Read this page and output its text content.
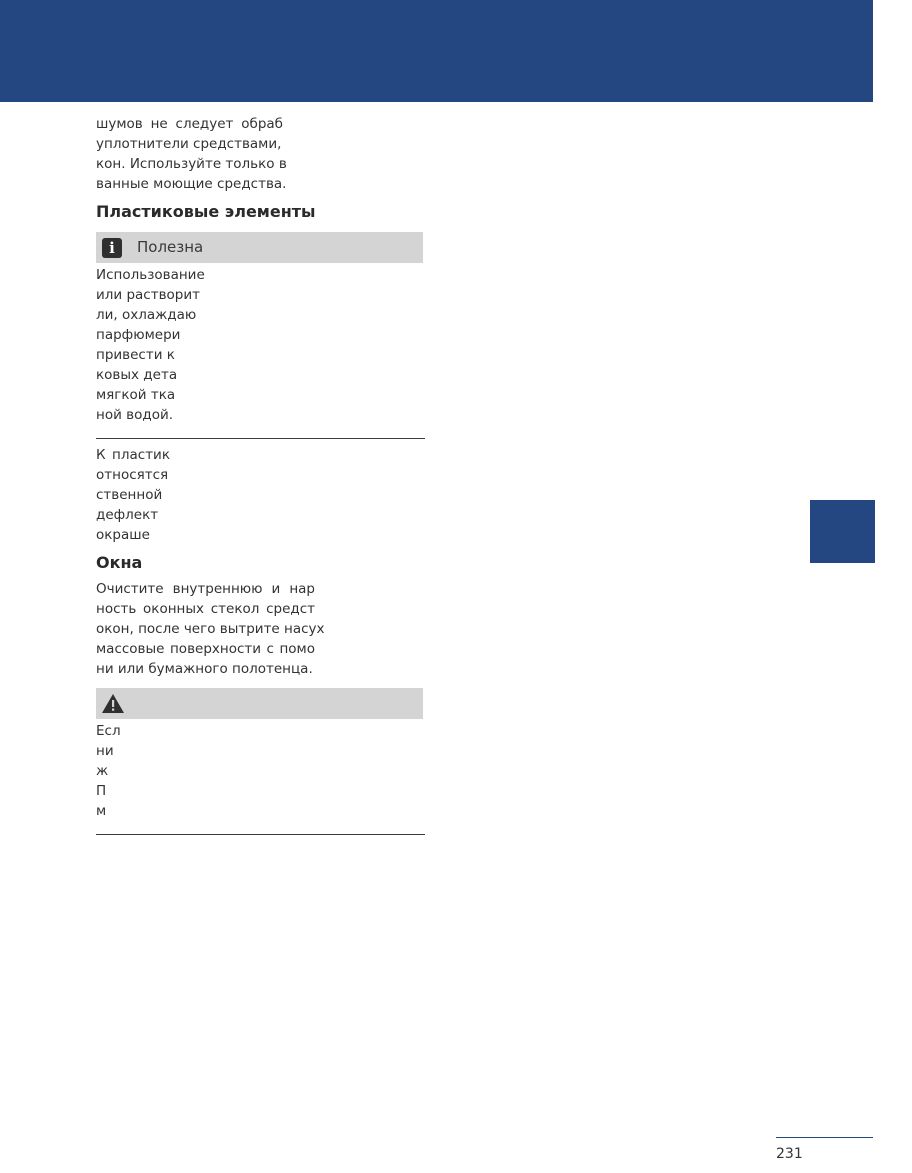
шумов не следует обраб
уплотнители средствами,
кон. Используйте только в
ванные моющие средства.
Пластиковые элементы
i	Полезна
Использование
или растворит
ли, охлаждаю
парфюмери
привести к
ковых дета
мягкой тка
ной водой.
К пластик
относятся
ственной
дефлект
окраше
Окна
Очистите внутреннюю и нар
ность оконных стекол средст
окон, после чего вытрите насух
массовые поверхности с помо
ни или бумажного полотенца.
Есл
ни
ж
П
м
231
